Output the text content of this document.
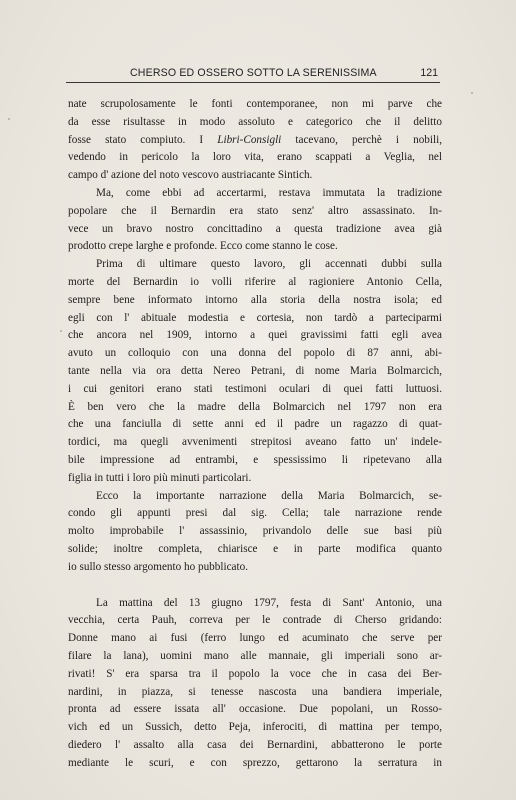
CHERSO ED OSSERO SOTTO LA SERENISSIMA	121
nate scrupolosamente le fonti contemporanee, non mi parve che
da esse risultasse in modo assoluto e categorico che il delitto
fosse stato compiuto. I Libri-Consigli tacevano, perchè i nobili,
vedendo in pericolo la loro vita, erano scappati a Veglia, nel
campo d' azione del noto vescovo austriacante Sintich.
Ma, come ebbi ad accertarmi, restava immutata la tradizione
popolare che il Bernardin era stato senz' altro assassinato. In-
vece un bravo nostro concittadino a questa tradizione avea già
prodotto crepe larghe e profonde. Ecco come stanno le cose.
Prima di ultimare questo lavoro, gli accennati dubbi sulla
morte del Bernardin io volli riferire al ragioniere Antonio Cella,
sempre bene informato intorno alla storia della nostra isola; ed
egli con l' abituale modestia e cortesia, non tardò a parteciparmi
che ancora nel 1909, intorno a quei gravissimi fatti egli avea
avuto un colloquio con una donna del popolo di 87 anni, abi-
tante nella via ora detta Nereo Petrani, di nome Maria Bolmarcich,
i cui genitori erano stati testimoni oculari di quei fatti luttuosi.
È ben vero che la madre della Bolmarcich nel 1797 non era
che una fanciulla di sette anni ed il padre un ragazzo di quat-
tordici, ma quegli avvenimenti strepitosi aveano fatto un' indele-
bile impressione ad entrambi, e spessissimo li ripetevano alla
figlia in tutti i loro più minuti particolari.
Ecco la importante narrazione della Maria Bolmarcich, se-
condo gli appunti presi dal sig. Cella; tale narrazione rende
molto improbabile l' assassinio, privandolo delle sue basi più
solide; inoltre completa, chiarisce e in parte modifica quanto
io sullo stesso argomento ho pubblicato.
La mattina del 13 giugno 1797, festa di Sant' Antonio, una
vecchia, certa Pauh, correva per le contrade di Cherso gridando:
Donne mano ai fusi (ferro lungo ed acuminato che serve per
filare la lana), uomini mano alle mannaie, gli imperiali sono ar-
rivati! S' era sparsa tra il popolo la voce che in casa dei Ber-
nardini, in piazza, si tenesse nascosta una bandiera imperiale,
pronta ad essere issata all' occasione. Due popolani, un Rosso-
vich ed un Sussich, detto Peja, inferociti, di mattina per tempo,
diedero l' assalto alla casa dei Bernardini, abbatterono le porte
mediante le scuri, e con sprezzo, gettarono la serratura in
